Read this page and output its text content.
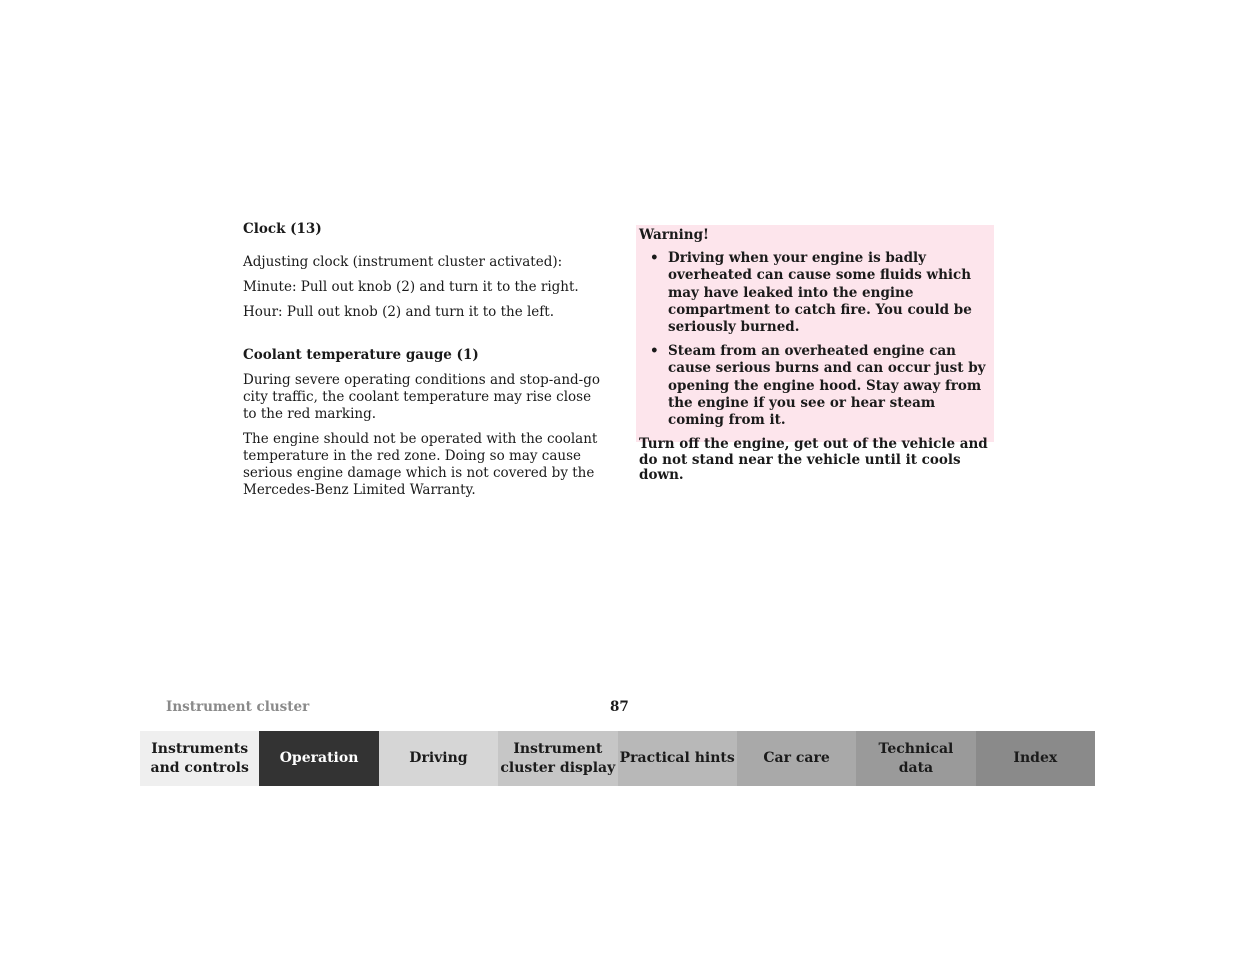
Clock (13)

Adjusting clock (instrument cluster activated):

Minute: Pull out knob (2) and turn it to the right.

Hour: Pull out knob (2) and turn it to the left.

Coolant temperature gauge (1)

During severe operating conditions and stop-and-go city traffic, the coolant temperature may rise close to the red marking.

The engine should not be operated with the coolant temperature in the red zone. Doing so may cause serious engine damage which is not covered by the Mercedes-Benz Limited Warranty.

Warning!
• Driving when your engine is badly overheated can cause some fluids which may have leaked into the engine compartment to catch fire. You could be seriously burned.
• Steam from an overheated engine can cause serious burns and can occur just by opening the engine hood. Stay away from the engine if you see or hear steam coming from it.
Turn off the engine, get out of the vehicle and do not stand near the vehicle until it cools down.
Instrument cluster	87
Instruments
and controls
Operation	Driving
Instrument
cluster display
Practical hints	Car care
Technical
data
Index
